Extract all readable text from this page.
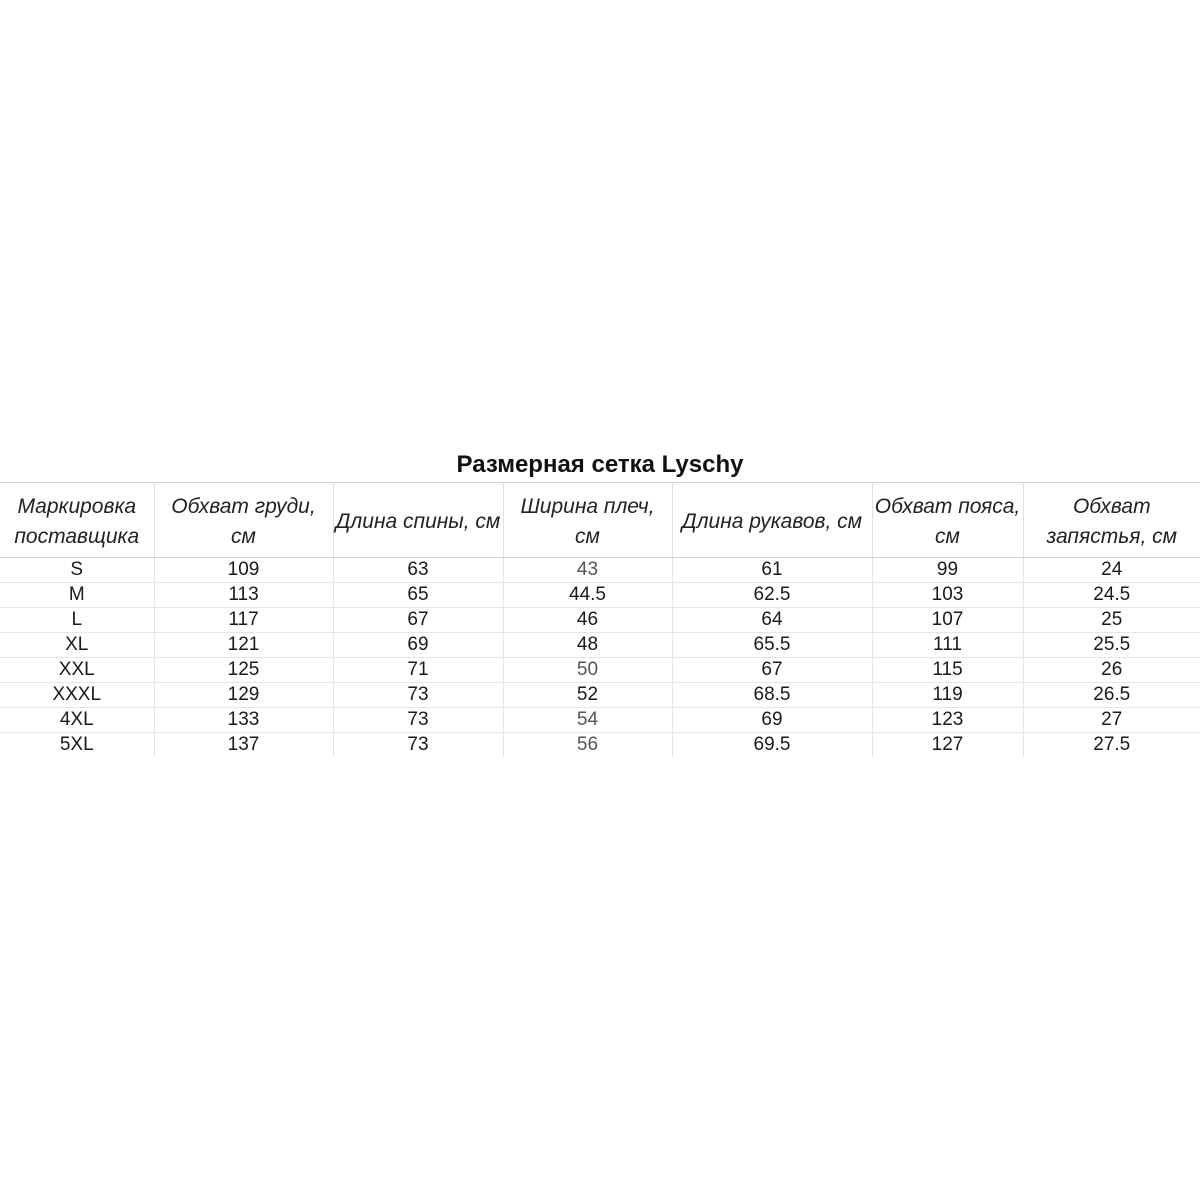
Размерная сетка Lyschy
Маркировка поставщика	Обхват груди, см	Длина спины, см	Ширина плеч, см	Длина рукавов, см	Обхват пояса, см	Обхват запястья, см
S	109	63	43	61	99	24
M	113	65	44.5	62.5	103	24.5
L	117	67	46	64	107	25
XL	121	69	48	65.5	111	25.5
XXL	125	71	50	67	115	26
XXXL	129	73	52	68.5	119	26.5
4XL	133	73	54	69	123	27
5XL	137	73	56	69.5	127	27.5
